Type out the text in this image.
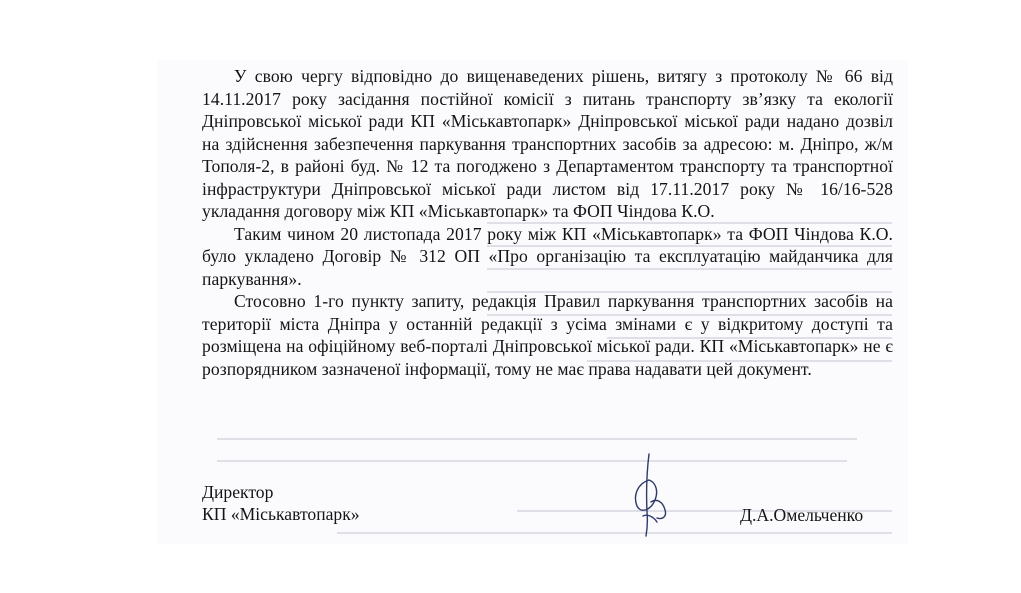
У свою чергу відповідно до вищенаведених рішень, витягу з протоколу № 66 від 14.11.2017 року засідання постійної комісії з питань транспорту зв’язку та екології Дніпровської міської ради КП «Міськавтопарк» Дніпровської міської ради надано дозвіл на здійснення забезпечення паркування транспортних засобів за адресою: м. Дніпро, ж/м Тополя-2, в районі буд. № 12 та погоджено з Департаментом транспорту та транспортної інфраструктури Дніпровської міської ради листом від 17.11.2017 року № 16/16-528 укладання договору між КП «Міськавтопарк» та ФОП Чіндова К.О.

Таким чином 20 листопада 2017 року між КП «Міськавтопарк» та ФОП Чіндова К.О. було укладено Договір № 312 ОП «Про організацію та експлуатацію майданчика для паркування».

Стосовно 1-го пункту запиту, редакція Правил паркування транспортних засобів на території міста Дніпра у останній редакції з усіма змінами є у відкритому доступі та розміщена на офіційному веб-порталі Дніпровської міської ради. КП «Міськавтопарк» не є розпорядником зазначеної інформації, тому не має права надавати цей документ.

Директор
КП «Міськавтопарк»	Д.А.Омельченко
